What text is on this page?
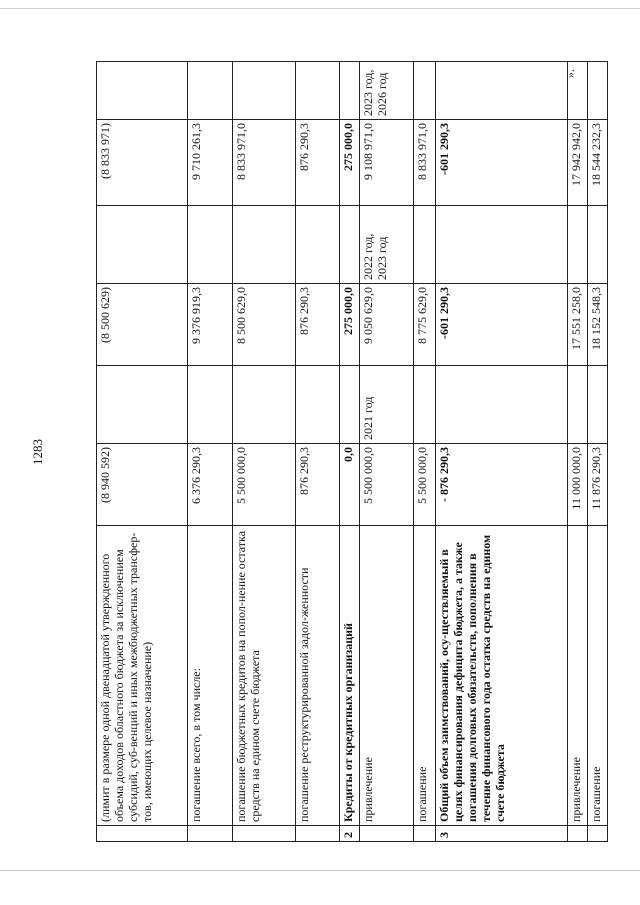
1283
».
	(лимит в размере одной двенадцатой утвержденного объема доходов областного бюджета за исключением субсидий, суб-венций и иных межбюджетных трансфер-тов, имеющих целевое назначение)	(8 940 592)		(8 500 629)		(8 833 971)	
	погашение всего, в том числе:	6 376 290,3		9 376 919,3		9 710 261,3	
	погашение бюджетных кредитов на попол-нение остатка средств на едином счете бюджета	5 500 000,0		8 500 629,0		8 833 971,0	
	погашение реструктурированной задол-женности	876 290,3		876 290,3		876 290,3	
2	Кредиты от кредитных организаций	0,0		275 000,0		275 000,0	
	привлечение	5 500 000,0	2021 год	9 050 629,0	2022 год, 2023 год	9 108 971,0	2023 год, 2026 год
	погашение	5 500 000,0		8 775 629,0		8 833 971,0	
3	Общий объем заимствований, осу-ществляемый в целях финансирования дефицита бюджета, а также погашения долговых обязательств, пополнения в течение финансового года остатка средств на едином счете бюджета	- 876 290,3		-601 290,3		-601 290,3	
	привлечение	11 000 000,0		17 551 258,0		17 942 942,0	
	погашение	11 876 290,3		18 152 548,3		18 544 232,3	
